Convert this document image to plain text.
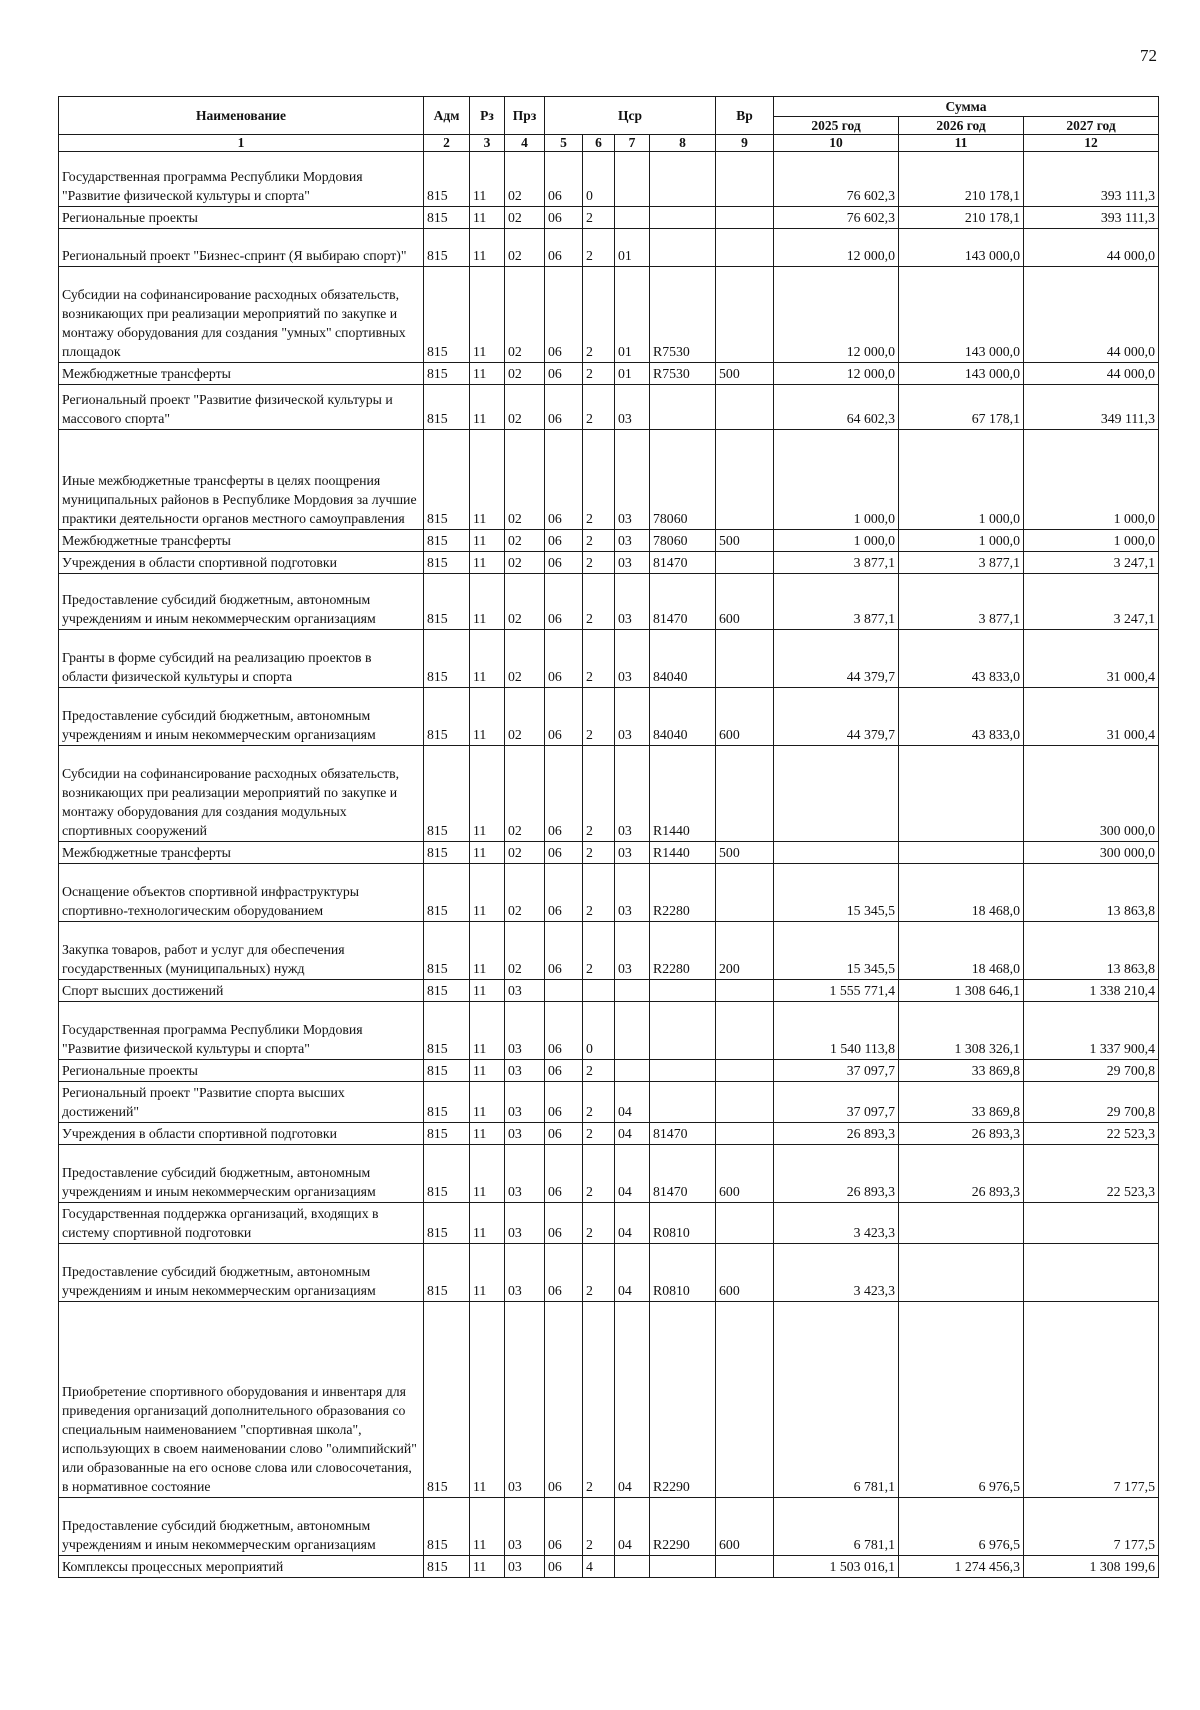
72
Наименование	Адм	Рз	Прз	Цср				Вр	Сумма		
									2025 год	2026 год	2027 год
1	2	3	4	5	6	7	8	9	10	11	12
Государственная программа Республики Мордовия "Развитие физической культуры и спорта"	815	11	02	06	0				76 602,3	210 178,1	393 111,3
Региональные проекты	815	11	02	06	2				76 602,3	210 178,1	393 111,3
Региональный проект "Бизнес-спринт (Я выбираю спорт)"	815	11	02	06	2	01			12 000,0	143 000,0	44 000,0
Субсидии на софинансирование расходных обязательств, возникающих при реализации мероприятий по закупке и монтажу оборудования для создания "умных" спортивных площадок	815	11	02	06	2	01	R7530		12 000,0	143 000,0	44 000,0
Межбюджетные трансферты	815	11	02	06	2	01	R7530	500	12 000,0	143 000,0	44 000,0
Региональный проект "Развитие физической культуры и массового спорта"	815	11	02	06	2	03			64 602,3	67 178,1	349 111,3
Иные межбюджетные трансферты в целях поощрения муниципальных районов в Республике Мордовия за лучшие практики деятельности органов местного самоуправления	815	11	02	06	2	03	78060		1 000,0	1 000,0	1 000,0
Межбюджетные трансферты	815	11	02	06	2	03	78060	500	1 000,0	1 000,0	1 000,0
Учреждения в области спортивной подготовки	815	11	02	06	2	03	81470		3 877,1	3 877,1	3 247,1
Предоставление субсидий бюджетным, автономным учреждениям и иным некоммерческим организациям	815	11	02	06	2	03	81470	600	3 877,1	3 877,1	3 247,1
Гранты в форме субсидий на реализацию проектов в области физической культуры и спорта	815	11	02	06	2	03	84040		44 379,7	43 833,0	31 000,4
Предоставление субсидий бюджетным, автономным учреждениям и иным некоммерческим организациям	815	11	02	06	2	03	84040	600	44 379,7	43 833,0	31 000,4
Субсидии на софинансирование расходных обязательств, возникающих при реализации мероприятий по закупке и монтажу оборудования для создания модульных спортивных сооружений	815	11	02	06	2	03	R1440				300 000,0
Межбюджетные трансферты	815	11	02	06	2	03	R1440	500			300 000,0
Оснащение объектов спортивной инфраструктуры спортивно-технологическим оборудованием	815	11	02	06	2	03	R2280		15 345,5	18 468,0	13 863,8
Закупка товаров, работ и услуг для обеспечения государственных (муниципальных) нужд	815	11	02	06	2	03	R2280	200	15 345,5	18 468,0	13 863,8
Спорт высших достижений	815	11	03						1 555 771,4	1 308 646,1	1 338 210,4
Государственная программа Республики Мордовия "Развитие физической культуры и спорта"	815	11	03	06	0				1 540 113,8	1 308 326,1	1 337 900,4
Региональные проекты	815	11	03	06	2				37 097,7	33 869,8	29 700,8
Региональный проект "Развитие спорта высших достижений"	815	11	03	06	2	04			37 097,7	33 869,8	29 700,8
Учреждения в области спортивной подготовки	815	11	03	06	2	04	81470		26 893,3	26 893,3	22 523,3
Предоставление субсидий бюджетным, автономным учреждениям и иным некоммерческим организациям	815	11	03	06	2	04	81470	600	26 893,3	26 893,3	22 523,3
Государственная поддержка организаций, входящих в систему спортивной подготовки	815	11	03	06	2	04	R0810		3 423,3		
Предоставление субсидий бюджетным, автономным учреждениям и иным некоммерческим организациям	815	11	03	06	2	04	R0810	600	3 423,3		
Приобретение спортивного оборудования и инвентаря для приведения организаций дополнительного образования со специальным наименованием "спортивная школа", использующих в своем наименовании слово "олимпийский" или образованные на его основе слова или словосочетания, в нормативное состояние	815	11	03	06	2	04	R2290		6 781,1	6 976,5	7 177,5
Предоставление субсидий бюджетным, автономным учреждениям и иным некоммерческим организациям	815	11	03	06	2	04	R2290	600	6 781,1	6 976,5	7 177,5
Комплексы процессных мероприятий	815	11	03	06	4				1 503 016,1	1 274 456,3	1 308 199,6
